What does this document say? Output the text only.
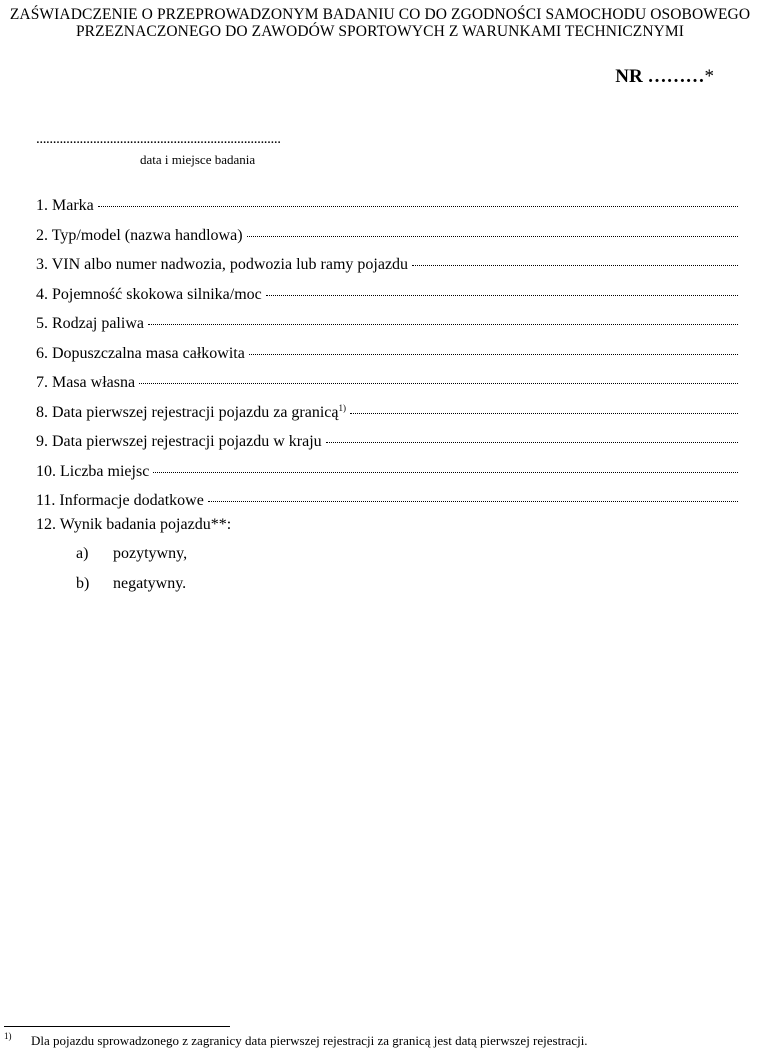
ZAŚWIADCZENIE O PRZEPROWADZONYM BADANIU CO DO ZGODNOŚCI SAMOCHODU OSOBOWEGO
PRZEZNACZONEGO DO ZAWODÓW SPORTOWYCH Z WARUNKAMI TECHNICZNYMI
NR ………*
.........................................................................
data i miejsce badania
1. Marka
2. Typ/model (nazwa handlowa)
3. VIN albo numer nadwozia, podwozia lub ramy pojazdu
4. Pojemność skokowa silnika/moc
5. Rodzaj paliwa
6. Dopuszczalna masa całkowita
7. Masa własna
8. Data pierwszej rejestracji pojazdu za granicą$^{1)}$
9. Data pierwszej rejestracji pojazdu w kraju
10. Liczba miejsc
11. Informacje dodatkowe
12. Wynik badania pojazdu**:
a)	pozytywny,
b)	negatywny.
1) Dla pojazdu sprowadzonego z zagranicy data pierwszej rejestracji za granicą jest datą pierwszej rejestracji.
